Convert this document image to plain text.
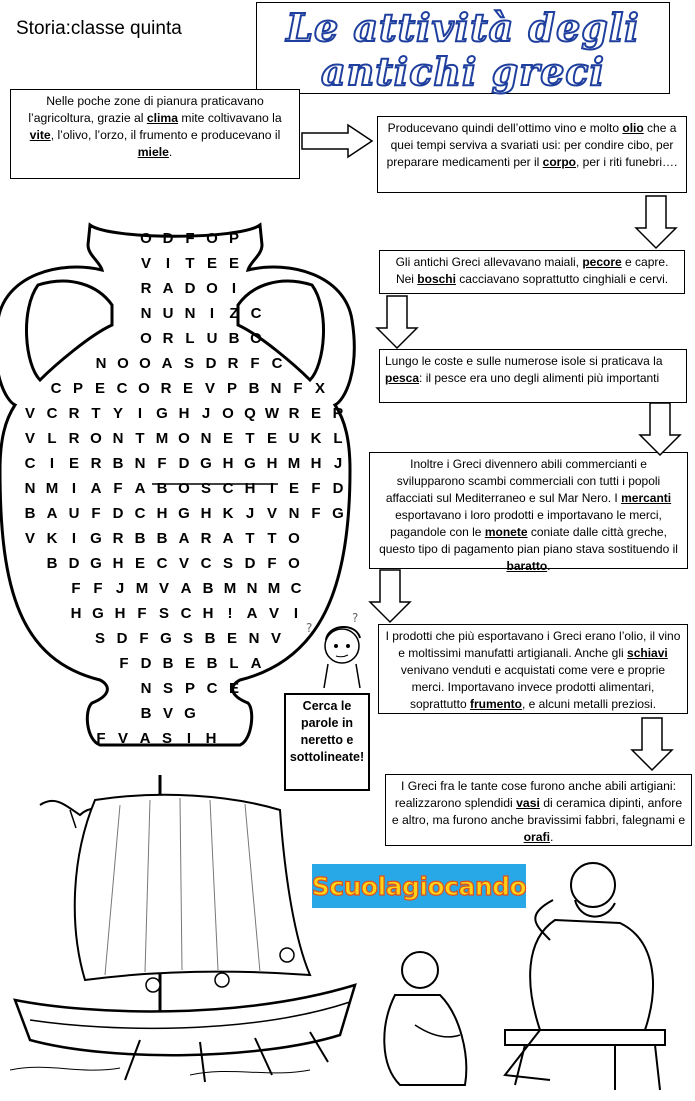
Storia:classe quinta	Le attività degli
antichi greci
O D F O P
V I T E E
R A D O I
N U N I Z C
O R L U B O
N O O A S D R F C
C P E C O R E V P B N F X
V C R T Y I G H J O Q W R E R
V L R O N T M O N E T E U K L
C I E R B N F D G H G H M H J
N M I A F A B O S C H I E F D
B A U F D C H G H K J V N F G
V K I G R B B A R A T T O
B D G H E C V C S D F O
F F J M V A B M N M C
H G H F S C H ! A V I
S D F G S B E N V
F D B E B L A
N S P C E
B V G
F V A S I H
Nelle poche zone di pianura praticavano l’agricoltura, grazie al clima mite coltivavano la vite, l’olivo, l’orzo, il frumento e producevano il miele.
Producevano quindi dell’ottimo vino e molto olio che a quei tempi serviva a svariati usi: per condire cibo, per preparare medicamenti per il corpo, per i riti funebri….
Gli antichi Greci allevavano maiali, pecore e capre. Nei boschi cacciavano soprattutto cinghiali e cervi.
Lungo le coste e sulle numerose isole si praticava la pesca: il pesce era uno degli alimenti più importanti
Inoltre i Greci divennero abili commercianti e svilupparono scambi commerciali con tutti i popoli affacciati sul Mediterraneo e sul Mar Nero. I mercanti esportavano i loro prodotti e importavano le merci, pagandole con le monete coniate dalle città greche, questo tipo di pagamento pian piano stava sostituendo il baratto.
I prodotti che più esportavano i Greci erano l’olio, il vino e moltissimi manufatti artigianali. Anche gli schiavi venivano venduti e acquistati come vere e proprie merci. Importavano invece prodotti alimentari, soprattutto frumento, e alcuni metalli preziosi.
I Greci fra le tante cose furono anche abili artigiani: realizzarono splendidi vasi di ceramica dipinti, anfore e altro, ma furono anche bravissimi fabbri, falegnami e orafi.
?
?
Cerca le parole in neretto e sottolineate!
Scuolagiocando
